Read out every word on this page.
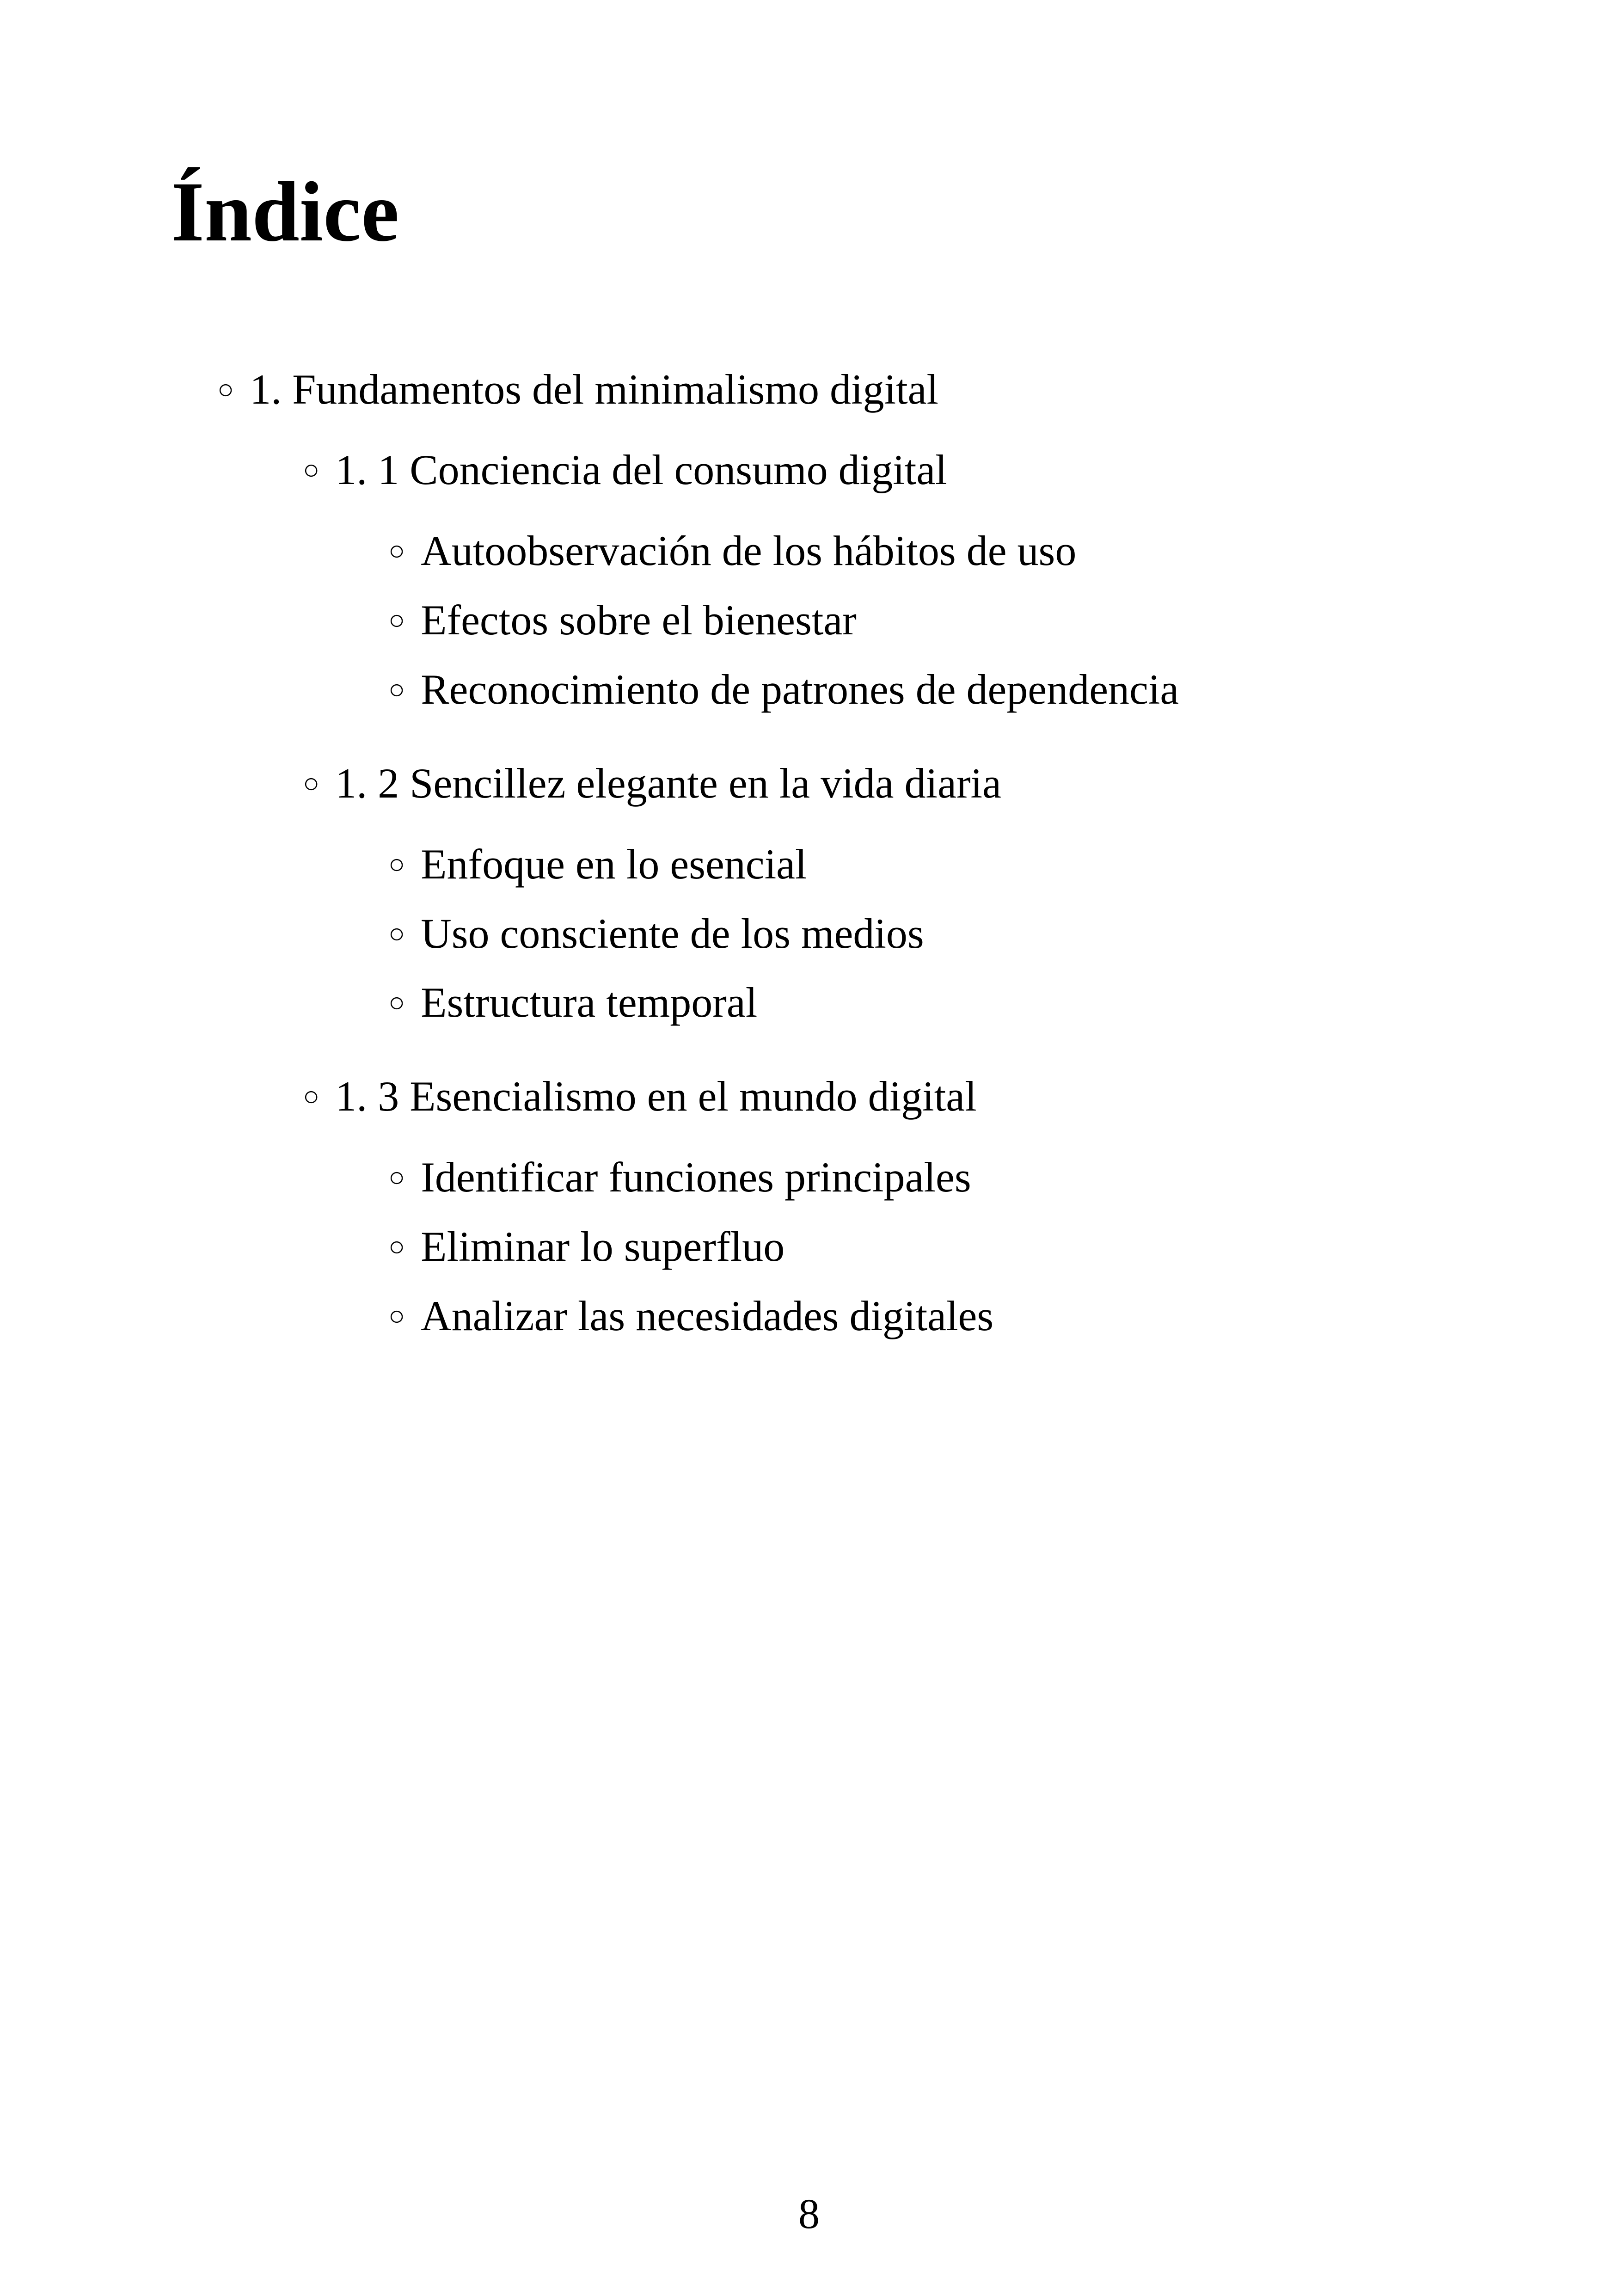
Índice
○ 1. Fundamentos del minimalismo digital
○ 1. 1 Conciencia del consumo digital
○ Autoobservación de los hábitos de uso
○ Efectos sobre el bienestar
○ Reconocimiento de patrones de dependencia
○ 1. 2 Sencillez elegante en la vida diaria
○ Enfoque en lo esencial
○ Uso consciente de los medios
○ Estructura temporal
○ 1. 3 Esencialismo en el mundo digital
○ Identificar funciones principales
○ Eliminar lo superfluo
○ Analizar las necesidades digitales
8
